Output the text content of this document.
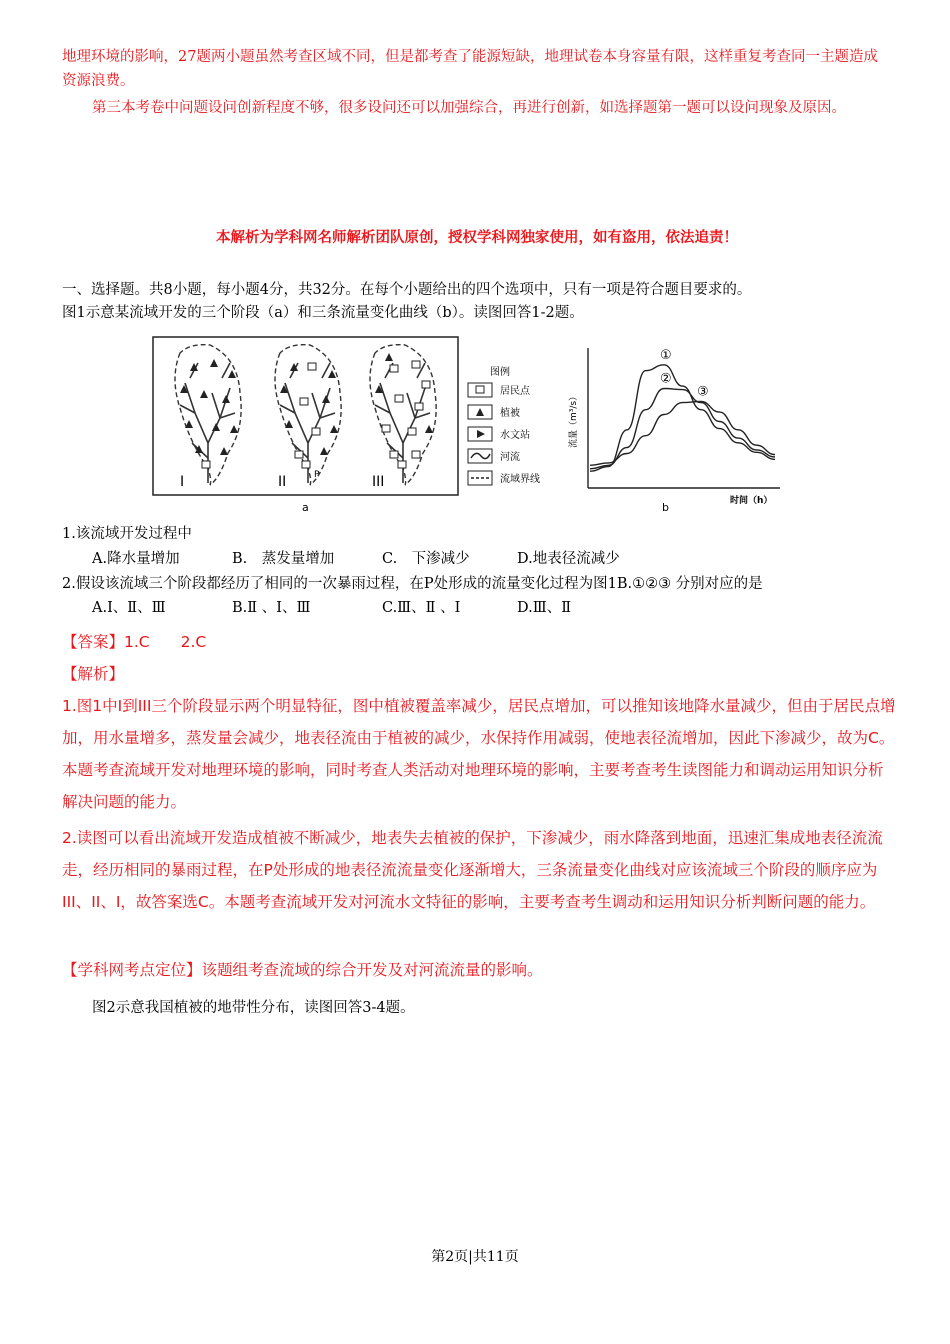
地理环境的影响，27题两小题虽然考查区域不同，但是都考查了能源短缺，地理试卷本身容量有限，这样重复考查同一主题造成资源浪费。

第三本考卷中问题设问创新程度不够，很多设问还可以加强综合，再进行创新，如选择题第一题可以设问现象及原因。

本解析为学科网名师解析团队原创，授权学科网独家使用，如有盗用，依法追责！

一、选择题。共8小题，每小题4分，共32分。在每个小题给出的四个选项中，只有一项是符合题目要求的。

图1示意某流域开发的三个阶段（a）和三条流量变化曲线（b）。读图回答1-2题。

I	II	P	III
a
图例
居民点
植被
水文站
河流
流域界线
流量（m³/s）
时间（h）
b
①
②
③

1.该流域开发过程中

A.降水量增加	B.　蒸发量增加	C.　下渗减少	D.地表径流减少

2.假设该流域三个阶段都经历了相同的一次暴雨过程，在P处形成的流量变化过程为图1B.①②③ 分别对应的是

A.Ⅰ、Ⅱ、Ⅲ	B.Ⅱ 、Ⅰ、Ⅲ	C.Ⅲ、Ⅱ 、Ⅰ	D.Ⅲ、Ⅱ
【答案】1.C　　2.C
【解析】

1.图1中Ⅰ到III三个阶段显示两个明显特征，图中植被覆盖率减少，居民点增加，可以推知该地降水量减少，但由于居民点增加，用水量增多，蒸发量会减少，地表径流由于植被的减少，水保持作用减弱，使地表径流增加，因此下渗减少，故为C。本题考查流域开发对地理环境的影响，同时考查人类活动对地理环境的影响，主要考查考生读图能力和调动运用知识分析解决问题的能力。

2.读图可以看出流域开发造成植被不断减少，地表失去植被的保护，下渗减少，雨水降落到地面，迅速汇集成地表径流流走，经历相同的暴雨过程，在P处形成的地表径流流量变化逐渐增大，三条流量变化曲线对应该流域三个阶段的顺序应为III、II、I，故答案选C。本题考查流域开发对河流水文特征的影响，主要考查考生调动和运用知识分析判断问题的能力。

【学科网考点定位】该题组考查流域的综合开发及对河流流量的影响。

图2示意我国植被的地带性分布，读图回答3-4题。

第2页|共11页
